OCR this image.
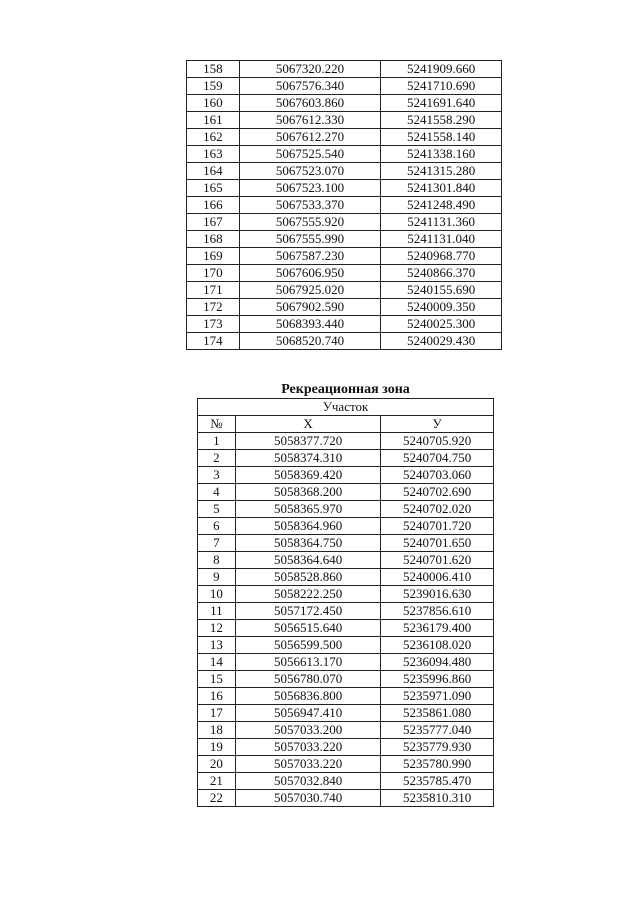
158	5067320.220	5241909.660
159	5067576.340	5241710.690
160	5067603.860	5241691.640
161	5067612.330	5241558.290
162	5067612.270	5241558.140
163	5067525.540	5241338.160
164	5067523.070	5241315.280
165	5067523.100	5241301.840
166	5067533.370	5241248.490
167	5067555.920	5241131.360
168	5067555.990	5241131.040
169	5067587.230	5240968.770
170	5067606.950	5240866.370
171	5067925.020	5240155.690
172	5067902.590	5240009.350
173	5068393.440	5240025.300
174	5068520.740	5240029.430
Рекреационная зона
Участок		
№	X	У
1	5058377.720	5240705.920
2	5058374.310	5240704.750
3	5058369.420	5240703.060
4	5058368.200	5240702.690
5	5058365.970	5240702.020
6	5058364.960	5240701.720
7	5058364.750	5240701.650
8	5058364.640	5240701.620
9	5058528.860	5240006.410
10	5058222.250	5239016.630
11	5057172.450	5237856.610
12	5056515.640	5236179.400
13	5056599.500	5236108.020
14	5056613.170	5236094.480
15	5056780.070	5235996.860
16	5056836.800	5235971.090
17	5056947.410	5235861.080
18	5057033.200	5235777.040
19	5057033.220	5235779.930
20	5057033.220	5235780.990
21	5057032.840	5235785.470
22	5057030.740	5235810.310
